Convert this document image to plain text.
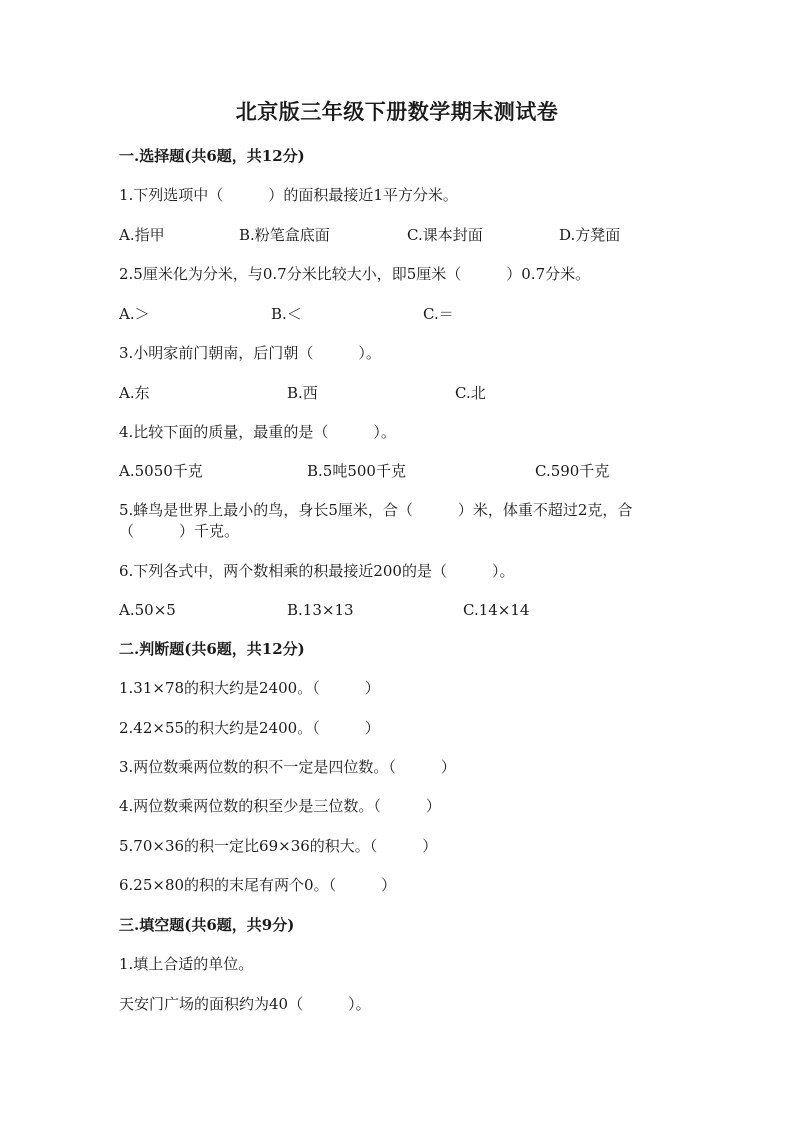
北京版三年级下册数学期末测试卷
一.选择题(共6题，共12分)
1.下列选项中（　　　）的面积最接近1平方分米。
A.指甲	B.粉笔盒底面	C.课本封面	D.方凳面
2.5厘米化为分米，与0.7分米比较大小，即5厘米（　　　）0.7分米。
A.＞	B.＜	C.＝
3.小明家前门朝南，后门朝（　　　）。
A.东	B.西	C.北
4.比较下面的质量，最重的是（　　　）。
A.5050千克	B.5吨500千克	C.590千克
5.蜂鸟是世界上最小的鸟，身长5厘米，合（　　　）米，体重不超过2克，合
（　　　）千克。
6.下列各式中，两个数相乘的积最接近200的是（　　　）。
A.50×5	B.13×13	C.14×14
二.判断题(共6题，共12分)
1.31×78的积大约是2400。（　　　）
2.42×55的积大约是2400。（　　　）
3.两位数乘两位数的积不一定是四位数。（　　　）
4.两位数乘两位数的积至少是三位数。（　　　）
5.70×36的积一定比69×36的积大。（　　　）
6.25×80的积的末尾有两个0。（　　　）
三.填空题(共6题，共9分)
1.填上合适的单位。
天安门广场的面积约为40（　　　）。
